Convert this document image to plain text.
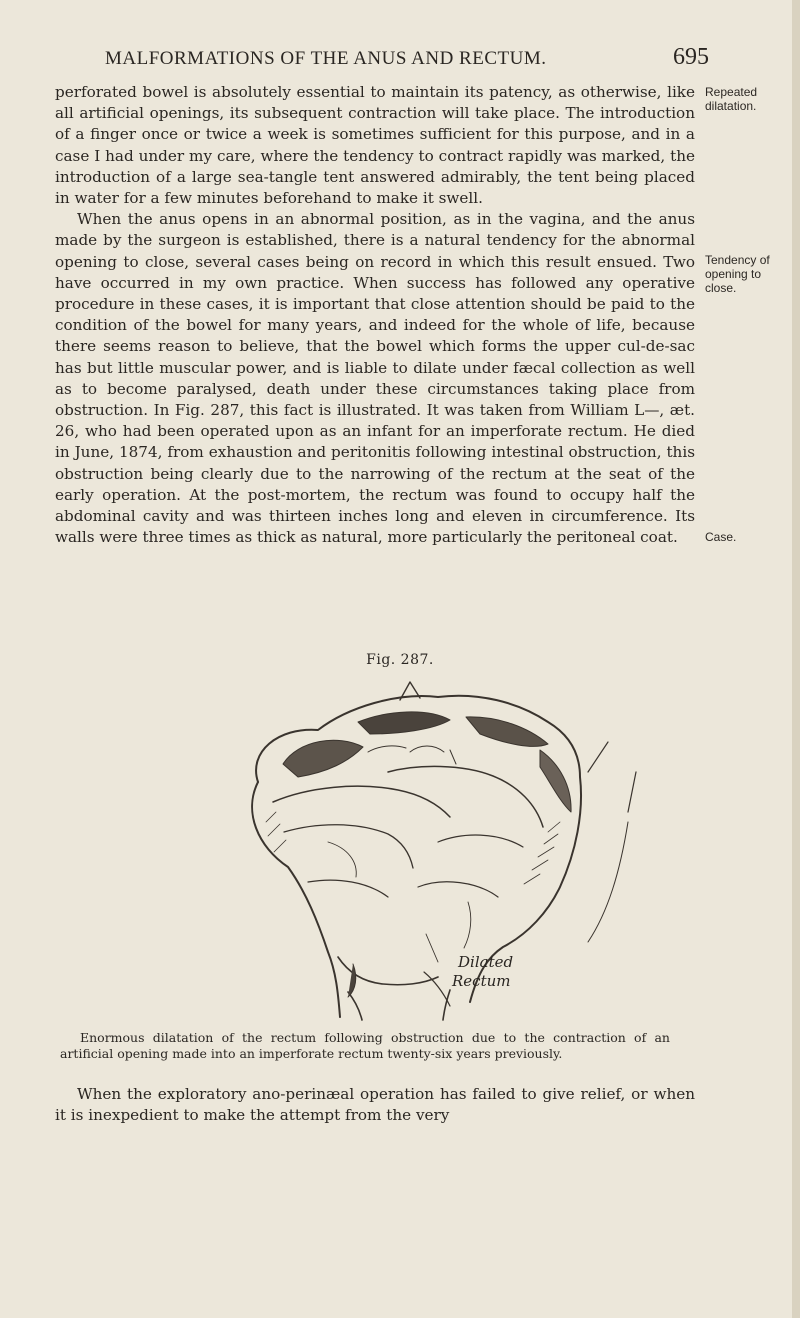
MALFORMATIONS OF THE ANUS AND RECTUM.	695

perforated bowel is absolutely essential to maintain its patency, as otherwise, like all artificial openings, its subsequent contraction will take place. The introduction of a finger once or twice a week is sometimes sufficient for this purpose, and in a case I had under my care, where the tendency to contract rapidly was marked, the introduction of a large sea-tangle tent answered admirably, the tent being placed in water for a few minutes beforehand to make it swell.

When the anus opens in an abnormal position, as in the vagina, and the anus made by the surgeon is established, there is a natural tendency for the abnormal opening to close, several cases being on record in which this result ensued. Two have occurred in my own practice. When success has followed any operative procedure in these cases, it is important that close attention should be paid to the condition of the bowel for many years, and indeed for the whole of life, because there seems reason to believe, that the bowel which forms the upper cul-de-sac has but little muscular power, and is liable to dilate under fæcal collection as well as to become paralysed, death under these circumstances taking place from obstruction. In Fig. 287, this fact is illustrated. It was taken from William L—, æt. 26, who had been operated upon as an infant for an imperforate rectum. He died in June, 1874, from exhaustion and peritonitis following intestinal obstruction, this obstruction being clearly due to the narrowing of the rectum at the seat of the early operation. At the post-mortem, the rectum was found to occupy half the abdominal cavity and was thirteen inches long and eleven in circumference. Its walls were three times as thick as natural, more particularly the peritoneal coat.

Repeated
dilatation.
Tendency of
opening to
close.
Case.
Fig. 287.
Dilated
Rectum
Enormous dilatation of the rectum following obstruction due to the contraction of an artificial opening made into an imperforate rectum twenty-six years previously.
When the exploratory ano-perinæal operation has failed to give relief, or when it is inexpedient to make the attempt from the very
